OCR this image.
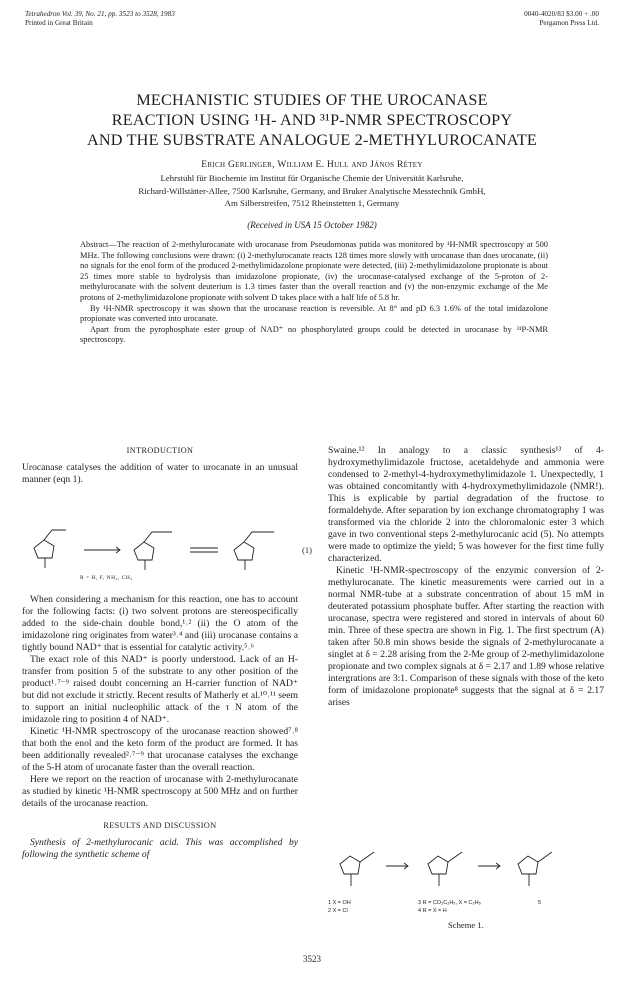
Tetrahedron Vol. 39, No. 21, pp. 3523 to 3528, 1983
Printed in Great Britain
0040-4020/83 $3.00 + .00
Pergamon Press Ltd.
MECHANISTIC STUDIES OF THE UROCANASE
REACTION USING ¹H- AND ³¹P-NMR SPECTROSCOPY
AND THE SUBSTRATE ANALOGUE 2-METHYLUROCANATE
Erich Gerlinger, William E. Hull and János Rétey
Lehrstuhl für Biochemie im Institut für Organische Chemie der Universität Karlsruhe,
Richard-Willstätter-Allee, 7500 Karlsruhe, Germany, and Bruker Analytische Messtechnik GmbH,
Am Silberstreifen, 7512 Rheinstetten 1, Germany
(Received in USA 15 October 1982)

Abstract—The reaction of 2-methylurocanate with urocanase from Pseudomonas putida was monitored by ¹H-NMR spectroscopy at 500 MHz. The following conclusions were drawn: (i) 2-methylurocanate reacts 128 times more slowly with urocanase than does urocanate, (ii) no signals for the enol form of the produced 2-methylimidazolone propionate were detected, (iii) 2-methylimidazolone propionate is about 25 times more stable to hydrolysis than imidazolone propionate, (iv) the urocanase-catalysed exchange of the 5-proton of 2-methylurocanate with the solvent deuterium is 1.3 times faster than the overall reaction and (v) the non-enzymic exchange of the Me protons of 2-methylimidazolone propionate with solvent D takes place with a half life of 5.8 hr.

By ¹H-NMR spectroscopy it was shown that the urocanase reaction is reversible. At 8° and pD 6.3 1.6% of the total imidazolone propionate was converted into urocanate.

Apart from the pyrophosphate ester group of NAD⁺ no phosphorylated groups could be detected in urocanase by ³¹P-NMR spectroscopy.

INTRODUCTION

Urocanase catalyses the addition of water to urocanate in an unusual manner (eqn 1).

When considering a mechanism for this reaction, one has to account for the following facts: (i) two solvent protons are stereospecifically added to the side-chain double bond,¹˒² (ii) the O atom of the imidazolone ring originates from water³˒⁴ and (iii) urocanase contains a tightly bound NAD⁺ that is essential for catalytic activity.⁵˒⁶

The exact role of this NAD⁺ is poorly understood. Lack of an H-transfer from position 5 of the substrate to any other position of the product¹˒⁷⁻⁹ raised doubt concerning an H-carrier function of NAD⁺ but did not exclude it strictly. Recent results of Matherly et al.¹⁰˒¹¹ seem to support an initial nucleophilic attack of the τ N atom of the imidazole ring to position 4 of NAD⁺.

Kinetic ¹H-NMR spectroscopy of the urocanase reaction showed⁷˒⁸ that both the enol and the keto form of the product are formed. It has been additionally revealed²˒⁷⁻⁹ that urocanase catalyses the exchange of the 5-H atom of urocanate faster than the overall reaction.

Here we report on the reaction of urocanase with 2-methylurocanate as studied by kinetic ¹H-NMR spectroscopy at 500 MHz and on further details of the urocanase reaction.

RESULTS AND DISCUSSION

Synthesis of 2-methylurocanic acid. This was accomplished by following the synthetic scheme of

(1)
R = H, F, NH₂, CH₃

Swaine.¹² In analogy to a classic synthesis¹³ of 4-hydroxymethylimidazole fructose, acetaldehyde and ammonia were condensed to 2-methyl-4-hydroxymethylimidazole 1. Unexpectedly, 1 was obtained concomitantly with 4-hydroxymethylimidazole (NMR!). This is explicable by partial degradation of the fructose to formaldehyde. After separation by ion exchange chromatography 1 was transformed via the chloride 2 into the chloromalonic ester 3 which gave in two conventional steps 2-methylurocanic acid (5). No attempts were made to optimize the yield; 5 was however for the first time fully characterized.

Kinetic ¹H-NMR-spectroscopy of the enzymic conversion of 2-methylurocanate. The kinetic measurements were carried out in a normal NMR-tube at a substrate concentration of about 15 mM in deuterated potassium phosphate buffer. After starting the reaction with urocanase, spectra were registered and stored in intervals of about 60 min. Three of these spectra are shown in Fig. 1. The first spectrum (A) taken after 50.8 min shows beside the signals of 2-methylurocanate a singlet at δ = 2.28 arising from the 2-Me group of 2-methylimidazolone propionate and two complex signals at δ = 2.17 and 1.89 whose relative intergrations are 3:1. Comparison of these signals with those of the keto form of imidazolone propionate⁸ suggests that the signal at δ = 2.17 arises

1 X = OH
2 X = Cl
3 R = CO₂C₂H₅, X = C₂H₅
4 R = X = H
5
Scheme 1.
3523
